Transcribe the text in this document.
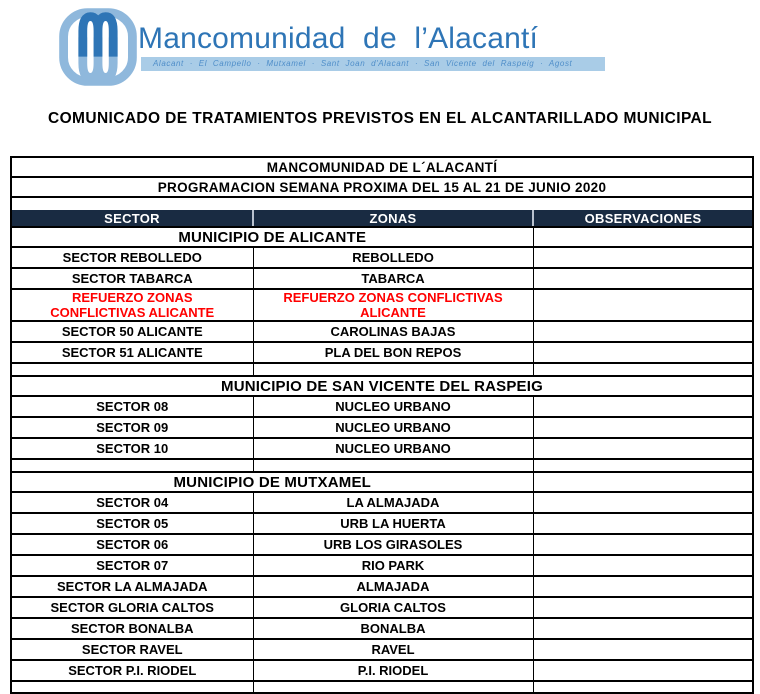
Mancomunidad de l’Alacantí
Alacant · El Campello · Mutxamel · Sant Joan d'Alacant · San Vicente del Raspeig · Agost
COMUNICADO DE TRATAMIENTOS PREVISTOS EN EL ALCANTARILLADO MUNICIPAL
MANCOMUNIDAD DE L´ALACANTÍ		
PROGRAMACION SEMANA PROXIMA DEL 15 AL 21 DE JUNIO 2020		

SECTOR	ZONAS	OBSERVACIONES
MUNICIPIO DE ALICANTE		
SECTOR REBOLLEDO	REBOLLEDO	
SECTOR TABARCA	TABARCA	
REFUERZO ZONAS CONFLICTIVAS ALICANTE	REFUERZO ZONAS CONFLICTIVAS ALICANTE	
SECTOR 50 ALICANTE	CAROLINAS BAJAS	
SECTOR 51 ALICANTE	PLA DEL BON REPOS	

MUNICIPIO DE SAN VICENTE DEL RASPEIG		
SECTOR 08	NUCLEO URBANO	
SECTOR 09	NUCLEO URBANO	
SECTOR 10	NUCLEO URBANO	

MUNICIPIO DE MUTXAMEL		
SECTOR 04	LA ALMAJADA	
SECTOR 05	URB LA HUERTA	
SECTOR 06	URB LOS GIRASOLES	
SECTOR 07	RIO PARK	
SECTOR LA ALMAJADA	ALMAJADA	
SECTOR GLORIA CALTOS	GLORIA CALTOS	
SECTOR BONALBA	BONALBA	
SECTOR RAVEL	RAVEL	
SECTOR P.I. RIODEL	P.I. RIODEL	
